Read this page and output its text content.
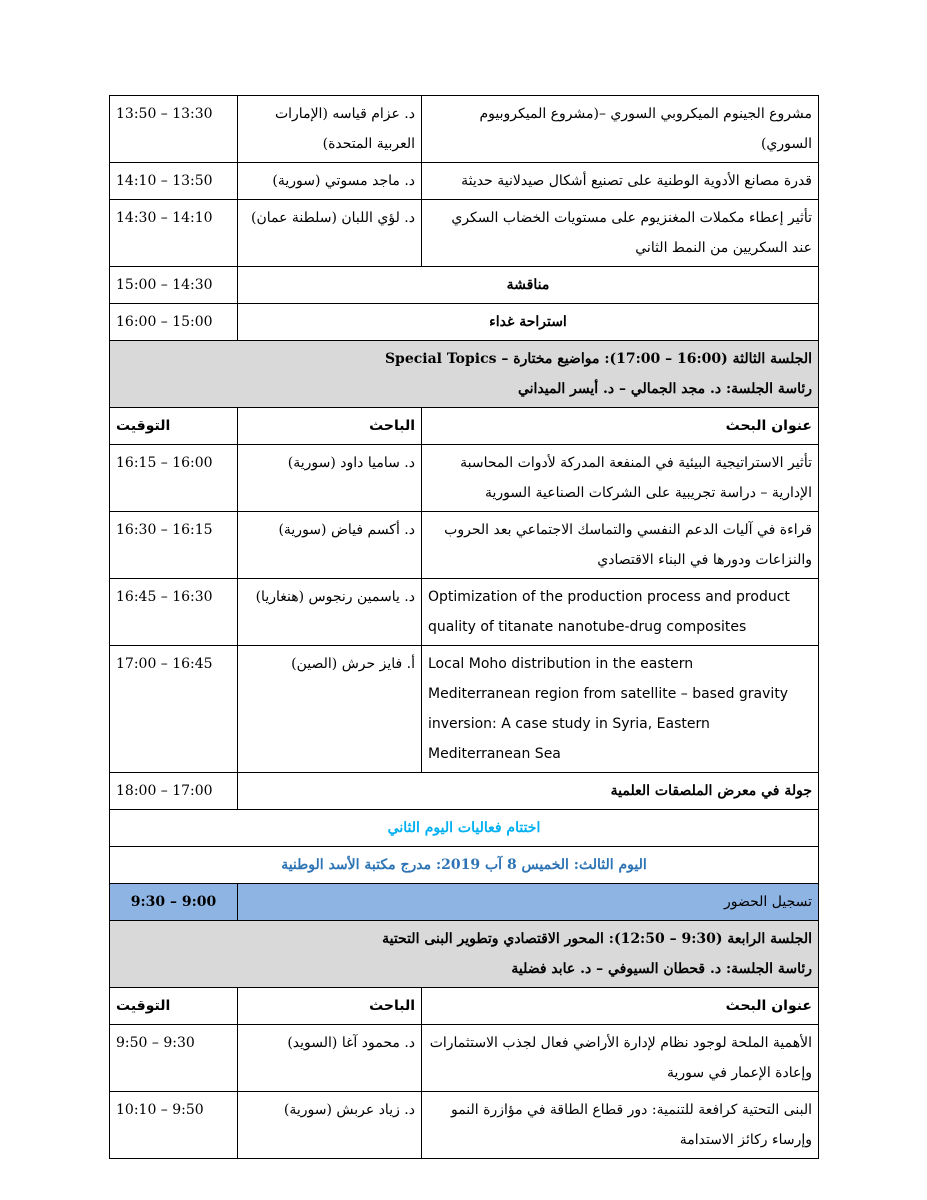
مشروع الجينوم الميكروبي السوري –(مشروع الميكروبيوم السوري)	د. عزام قياسه (الإمارات
العربية المتحدة)	13:50 – 13:30

قدرة مصانع الأدوية الوطنية على تصنيع أشكال صيدلانية حديثة	د. ماجد مسوتي (سورية)	14:10 – 13:50

تأثير إعطاء مكملات المغنزيوم على مستويات الخضاب السكري
عند السكريين من النمط الثاني	د. لؤي اللبان (سلطنة عمان)	14:30 – 14:10
مناقشة		15:00 – 14:30
استراحة غداء		16:00 – 15:00

الجلسة الثالثة (16:00 – 17:00): مواضيع مختارة – Special Topics
رئاسة الجلسة: د. مجد الجمالي – د. أيسر الميداني		

عنوان البحث	الباحث	التوقيت

تأثير الاستراتيجية البيئية في المنفعة المدركة لأدوات المحاسبة
الإدارية – دراسة تجريبية على الشركات الصناعية السورية	د. ساميا داود (سورية)	16:15 – 16:00

قراءة في آليات الدعم النفسي والتماسك الاجتماعي بعد الحروب
والنزاعات ودورها في البناء الاقتصادي	د. أكسم فياض (سورية)	16:30 – 16:15

Optimization of the production process and product
quality of titanate nanotube-drug composites	د. ياسمين رنجوس (هنغاريا)	16:45 – 16:30

Local Moho distribution in the eastern
Mediterranean region from satellite – based gravity
inversion: A case study in Syria, Eastern
Mediterranean Sea	أ. فايز حرش (الصين)	17:00 – 16:45
جولة في معرض الملصقات العلمية		18:00 – 17:00
اختتام فعاليات اليوم الثاني		
اليوم الثالث: الخميس 8 آب 2019: مدرج مكتبة الأسد الوطنية		
تسجيل الحضور		9:30 – 9:00

الجلسة الرابعة (9:30 – 12:50): المحور الاقتصادي وتطوير البنى التحتية
رئاسة الجلسة: د. قحطان السيوفي – د. عابد فضلية		

عنوان البحث	الباحث	التوقيت

الأهمية الملحة لوجود نظام لإدارة الأراضي فعال لجذب الاستثمارات
وإعادة الإعمار في سورية	د. محمود آغا (السويد)	9:50 – 9:30

البنى التحتية كرافعة للتنمية: دور قطاع الطاقة في مؤازرة النمو
وإرساء ركائز الاستدامة	د. زياد عربش (سورية)	10:10 – 9:50
